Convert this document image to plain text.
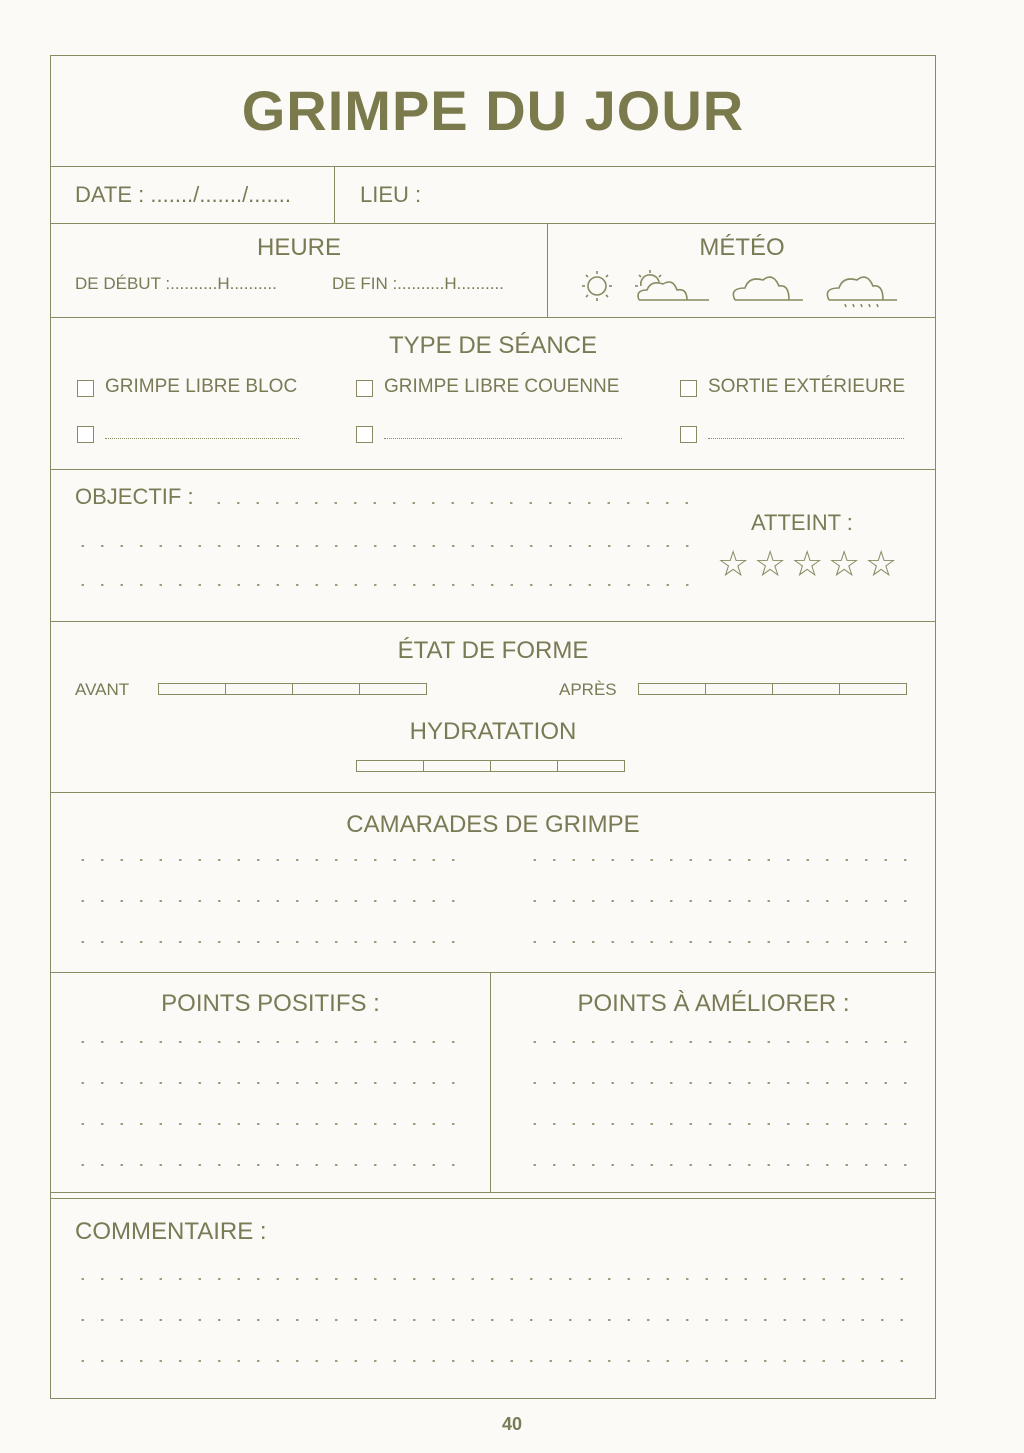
GRIMPE DU JOUR
DATE : ......./......./.......	LIEU :
HEURE
DE DÉBUT :..........H..........	DE FIN :..........H..........
MÉTÉO
TYPE DE SÉANCE
GRIMPE LIBRE BLOC	GRIMPE LIBRE COUENNE	SORTIE EXTÉRIEURE
OBJECTIF :
ATTEINT :
☆ ☆ ☆ ☆ ☆
ÉTAT DE FORME
AVANT	APRÈS
HYDRATATION
CAMARADES DE GRIMPE
POINTS POSITIFS :	POINTS À AMÉLIORER :
COMMENTAIRE :
40
